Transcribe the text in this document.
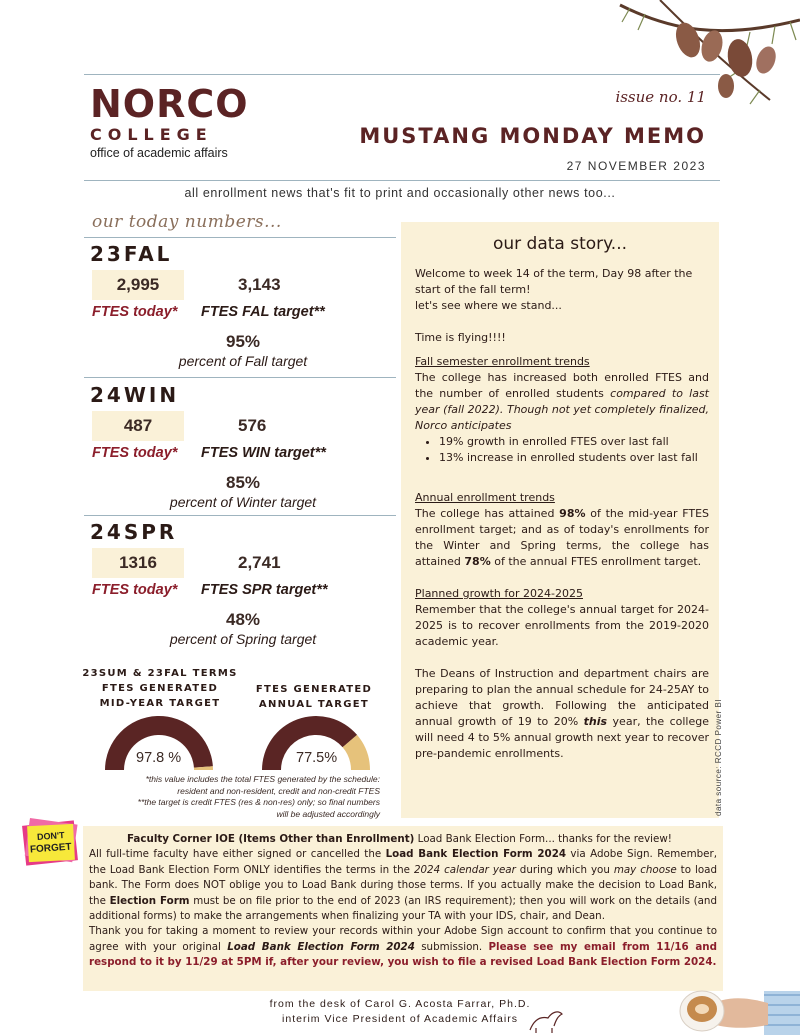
NORCO
COLLEGE
office of academic affairs
issue no. 11
MUSTANG MONDAY MEMO
27 NOVEMBER 2023
all enrollment news that's fit to print and occasionally other news too...
our today numbers...
23FAL
2,995	3,143
FTES today* FTES FAL target**
95%
percent of Fall target
24WIN
487	576
FTES today* FTES WIN target**
85%
percent of Winter target
24SPR
1316	2,741
FTES today* FTES SPR target**
48%
percent of Spring target
23SUM & 23FAL TERMS
FTES GENERATED
MID-YEAR TARGET
FTES GENERATED
ANNUAL TARGET
97.8 %	77.5%
*this value includes the total FTES generated by the schedule:
resident and non-resident, credit and non-credit FTES
**the target is credit FTES (res & non-res) only; so final numbers
will be adjusted accordingly
our data story...

Welcome to week 14 of the term, Day 98 after the start of the fall term!

let's see where we stand...

Time is flying!!!!

Fall semester enrollment trends

The college has increased both enrolled FTES and the number of enrolled students compared to last year (fall 2022). Though not yet completely finalized, Norco anticipates

• 19% growth in enrolled FTES over last fall
• 13% increase in enrolled students over last fall

Annual enrollment trends

The college has attained 98% of the mid-year FTES enrollment target; and as of today's enrollments for the Winter and Spring terms, the college has attained 78% of the annual FTES enrollment target.

Planned growth for 2024-2025

Remember that the college's annual target for 2024-2025 is to recover enrollments from the 2019-2020 academic year.

The Deans of Instruction and department chairs are preparing to plan the annual schedule for 24-25AY to achieve that growth. Following the anticipated annual growth of 19 to 20% this year, the college will need 4 to 5% annual growth next year to recover pre-pandemic enrollments.	data source: RCCD Power BI
Faculty Corner IOE (Items Other than Enrollment) Load Bank Election Form... thanks for the review!
All full-time faculty have either signed or cancelled the Load Bank Election Form 2024 via Adobe Sign. Remember, the Load Bank Election Form ONLY identifies the terms in the 2024 calendar year during which you may choose to load bank. The Form does NOT oblige you to Load Bank during those terms. If you actually make the decision to Load Bank, the Election Form must be on file prior to the end of 2023 (an IRS requirement); then you will work on the details (and additional forms) to make the arrangements when finalizing your TA with your IDS, chair, and Dean.
Thank you for taking a moment to review your records within your Adobe Sign account to confirm that you continue to agree with your original Load Bank Election Form 2024 submission. Please see my email from 11/16 and respond to it by 11/29 at 5PM if, after your review, you wish to file a revised Load Bank Election Form 2024.
DON'T
FORGET
from the desk of Carol G. Acosta Farrar, Ph.D.
interim Vice President of Academic Affairs
